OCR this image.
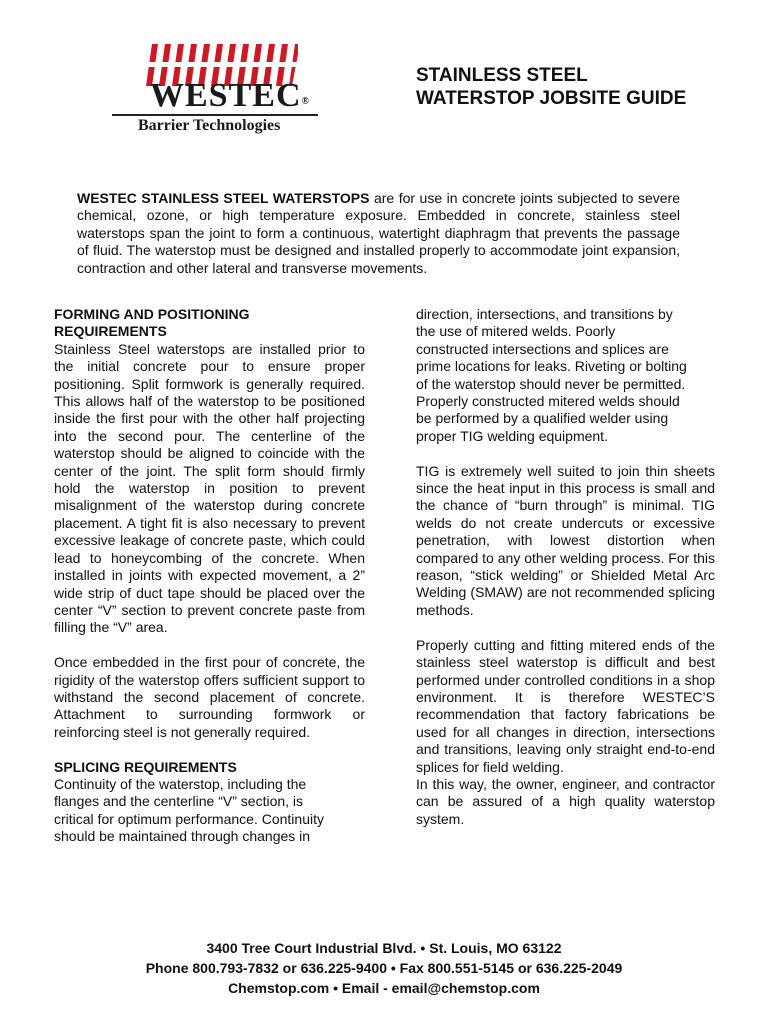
WESTEC®
Barrier Technologies
STAINLESS STEEL
WATERSTOP JOBSITE GUIDE
WESTEC STAINLESS STEEL WATERSTOPS are for use in concrete joints subjected to severe chemical, ozone, or high temperature exposure. Embedded in concrete, stainless steel waterstops span the joint to form a continuous, watertight diaphragm that prevents the passage of fluid. The waterstop must be designed and installed properly to accommodate joint expansion, contraction and other lateral and transverse movements.

FORMING AND POSITIONING

REQUIREMENTS

Stainless Steel waterstops are installed prior to the initial concrete pour to ensure proper positioning. Split formwork is generally required. This allows half of the waterstop to be positioned inside the first pour with the other half projecting into the second pour. The centerline of the waterstop should be aligned to coincide with the center of the joint. The split form should firmly hold the waterstop in position to prevent misalignment of the waterstop during concrete placement. A tight fit is also necessary to prevent excessive leakage of concrete paste, which could lead to honeycombing of the concrete. When installed in joints with expected movement, a 2” wide strip of duct tape should be placed over the center “V” section to prevent concrete paste from filling the “V” area.

Once embedded in the first pour of concrete, the rigidity of the waterstop offers sufficient support to withstand the second placement of concrete. Attachment to surrounding formwork or reinforcing steel is not generally required.

SPLICING REQUIREMENTS

Continuity of the waterstop, including the

flanges and the centerline “V” section, is

critical for optimum performance. Continuity

should be maintained through changes in

direction, intersections, and transitions by

the use of mitered welds. Poorly

constructed intersections and splices are

prime locations for leaks. Riveting or bolting

of the waterstop should never be permitted.

Properly constructed mitered welds should

be performed by a qualified welder using

proper TIG welding equipment.

TIG is extremely well suited to join thin sheets since the heat input in this process is small and the chance of “burn through” is minimal. TIG welds do not create undercuts or excessive penetration, with lowest distortion when compared to any other welding process. For this reason, “stick welding” or Shielded Metal Arc Welding (SMAW) are not recommended splicing methods.

Properly cutting and fitting mitered ends of the stainless steel waterstop is difficult and best performed under controlled conditions in a shop environment. It is therefore WESTEC’S recommendation that factory fabrications be used for all changes in direction, intersections and transitions, leaving only straight end-to-end splices for field welding.

In this way, the owner, engineer, and contractor can be assured of a high quality waterstop system.

3400 Tree Court Industrial Blvd. • St. Louis, MO 63122
Phone 800.793-7832 or 636.225-9400 • Fax 800.551-5145 or 636.225-2049
Chemstop.com • Email - email@chemstop.com
